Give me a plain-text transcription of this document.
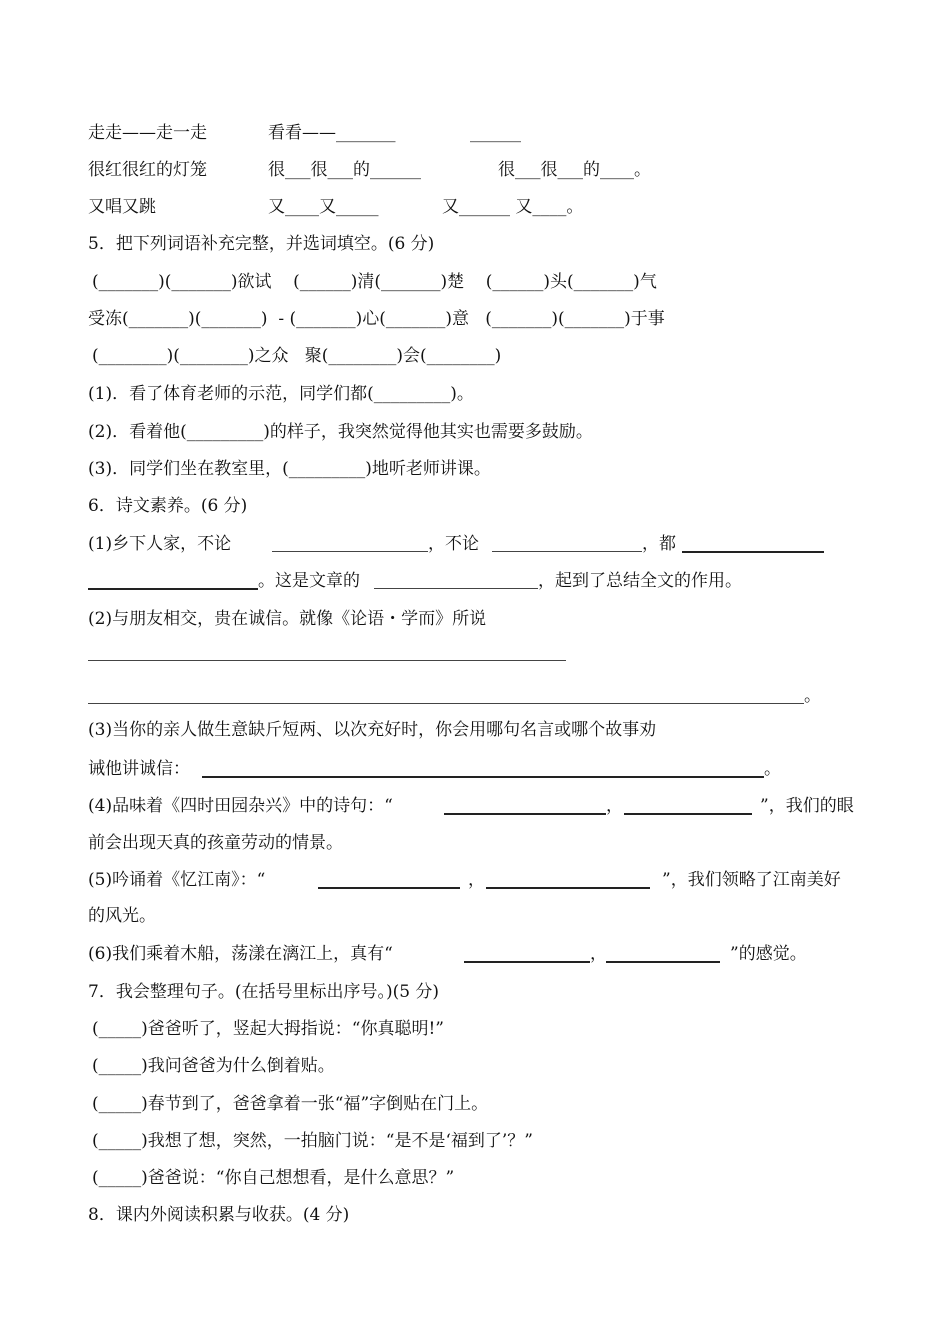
走走——走一走	看看——_______	______
很红很红的灯笼	很___很___的______	很___很___的____。
又唱又跳	又____又_____	又______ 又____。
5．把下列词语补充完整，并选词填空。(6 分)
(_______)(_______)欲试    (______)清(_______)楚    (______)头(_______)气
受冻(_______)(_______)  - (_______)心(_______)意   (_______)(_______)于事
(________)(________)之众   聚(________)会(________)
(1)．看了体育老师的示范，同学们都(_________)。
(2)．看着他(_________)的样子，我突然觉得他其实也需要多鼓励。
(3)．同学们坐在教室里，(_________)地听老师讲课。
6．诗文素养。(6 分)
(1)乡下人家，不论	，不论	，都
。这是文章的	，起到了总结全文的作用。
(2)与朋友相交，贵在诚信。就像《论语・学而》所说
。
(3)当你的亲人做生意缺斤短两、以次充好时，你会用哪句名言或哪个故事劝
诫他讲诚信：	。
(4)品味着《四时田园杂兴》中的诗句：“	，	”，我们的眼
前会出现天真的孩童劳动的情景。
(5)吟诵着《忆江南》：“	，	”，我们领略了江南美好
的风光。
(6)我们乘着木船，荡漾在漓江上，真有“	，	”的感觉。
7．我会整理句子。(在括号里标出序号。)(5 分)
(_____)爸爸听了，竖起大拇指说：“你真聪明!”
(_____)我问爸爸为什么倒着贴。
(_____)春节到了，爸爸拿着一张“福”字倒贴在门上。
(_____)我想了想，突然，一拍脑门说：“是不是‘福到了’？”
(_____)爸爸说：“你自己想想看，是什么意思？”
8．课内外阅读积累与收获。(4 分)
